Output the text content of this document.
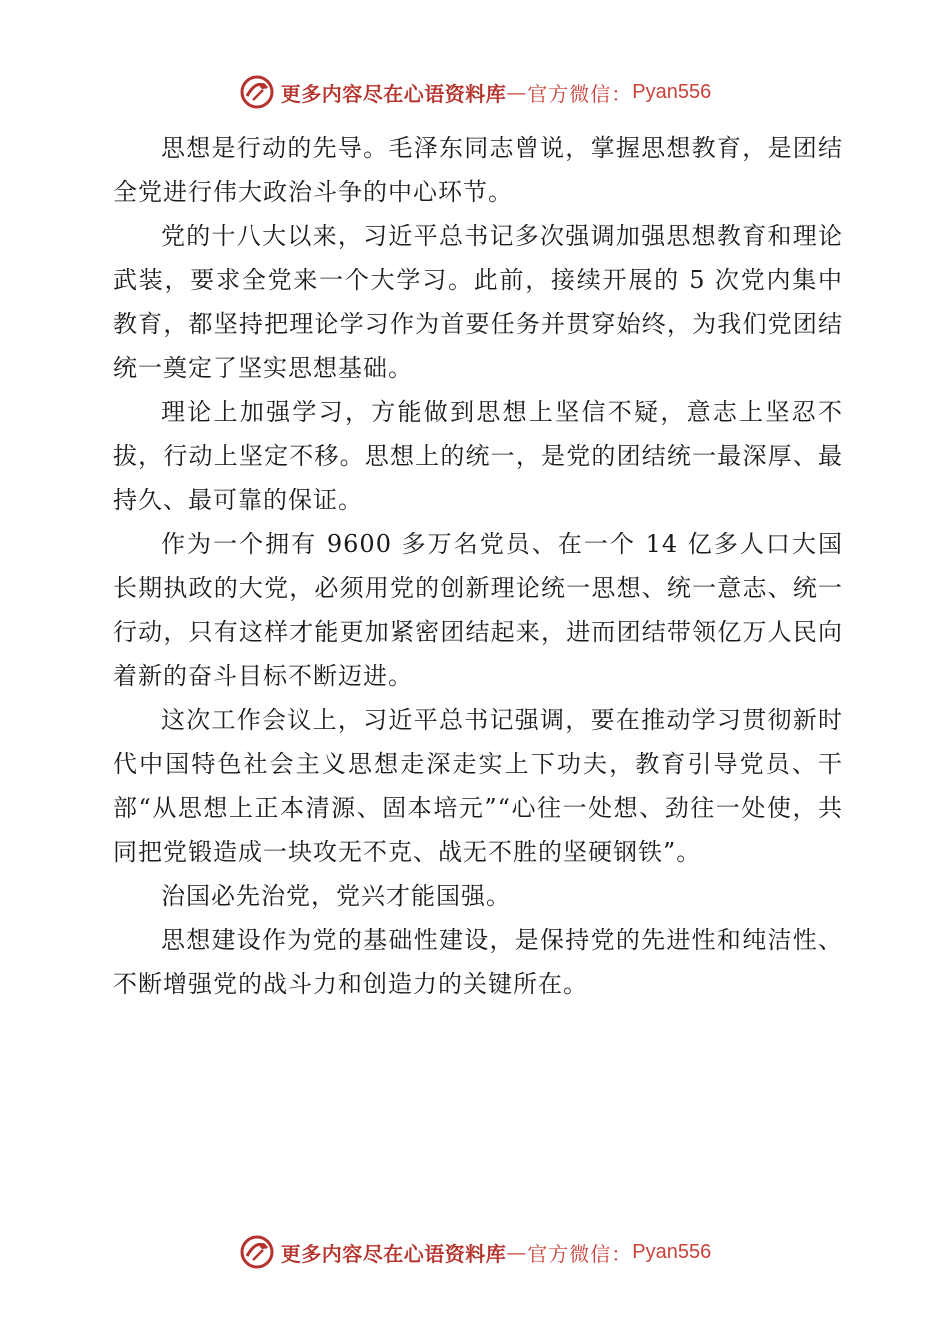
更多内容尽在心语资料库 — 官方微信： Pyan556

思想是行动的先导。毛泽东同志曾说，掌握思想教育，是团结全党进行伟大政治斗争的中心环节。

党的十八大以来，习近平总书记多次强调加强思想教育和理论武装，要求全党来一个大学习。此前，接续开展的 5 次党内集中教育，都坚持把理论学习作为首要任务并贯穿始终，为我们党团结统一奠定了坚实思想基础。

理论上加强学习，方能做到思想上坚信不疑，意志上坚忍不拔，行动上坚定不移。思想上的统一，是党的团结统一最深厚、最持久、最可靠的保证。

作为一个拥有 9600 多万名党员、在一个 14 亿多人口大国长期执政的大党，必须用党的创新理论统一思想、统一意志、统一行动，只有这样才能更加紧密团结起来，进而团结带领亿万人民向着新的奋斗目标不断迈进。

这次工作会议上，习近平总书记强调，要在推动学习贯彻新时代中国特色社会主义思想走深走实上下功夫，教育引导党员、干部“从思想上正本清源、固本培元”“心往一处想、劲往一处使，共同把党锻造成一块攻无不克、战无不胜的坚硬钢铁”。

治国必先治党，党兴才能国强。

思想建设作为党的基础性建设，是保持党的先进性和纯洁性、不断增强党的战斗力和创造力的关键所在。

更多内容尽在心语资料库 — 官方微信： Pyan556
